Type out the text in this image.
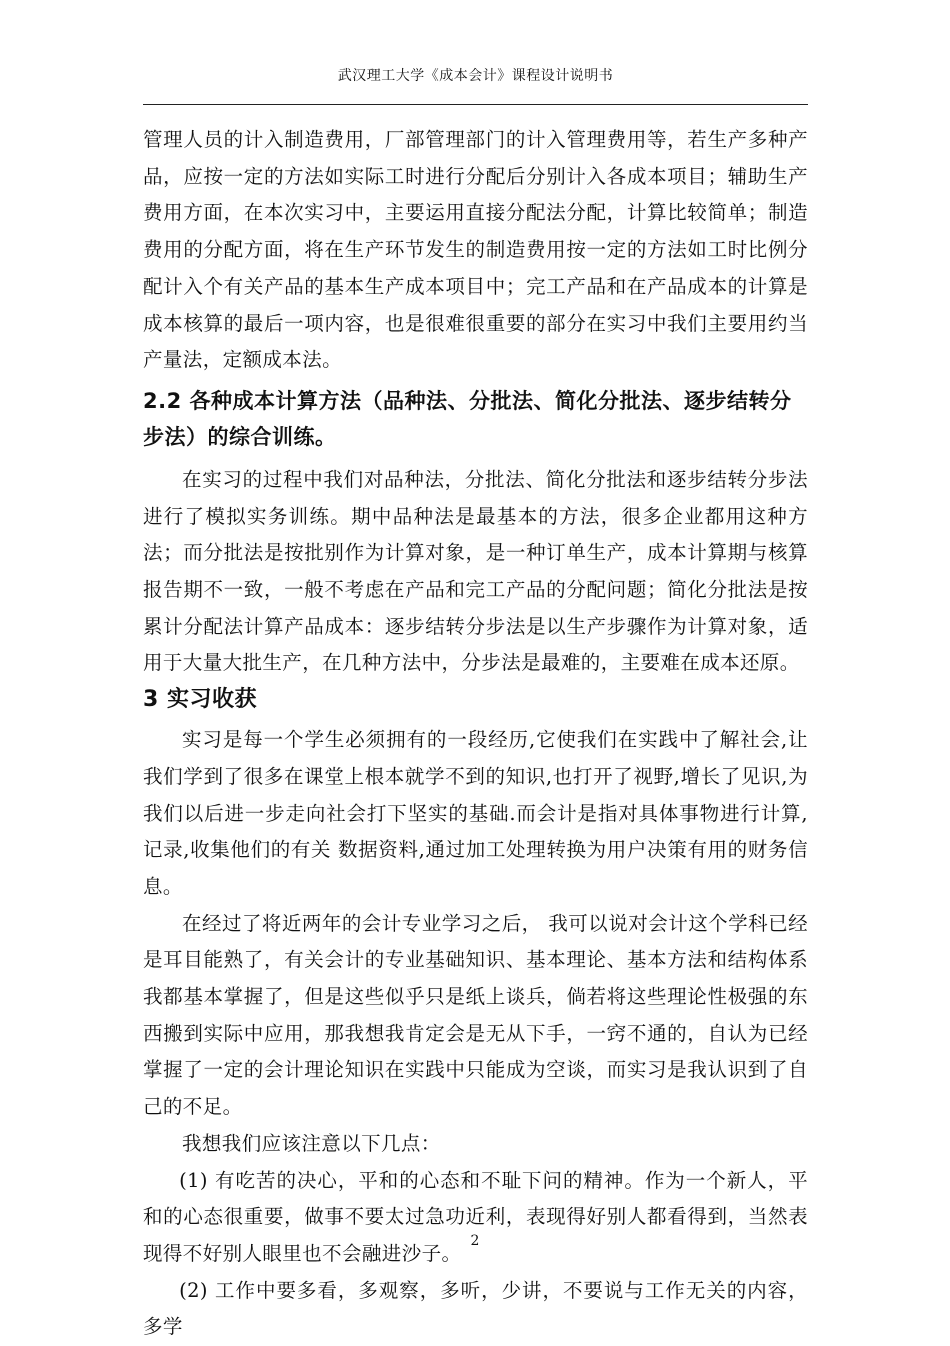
武汉理工大学《成本会计》课程设计说明书

管理人员的计入制造费用，厂部管理部门的计入管理费用等，若生产多种产品，应按一定的方法如实际工时进行分配后分别计入各成本项目；辅助生产费用方面，在本次实习中，主要运用直接分配法分配，计算比较简单；制造费用的分配方面，将在生产环节发生的制造费用按一定的方法如工时比例分配计入个有关产品的基本生产成本项目中；完工产品和在产品成本的计算是成本核算的最后一项内容，也是很难很重要的部分在实习中我们主要用约当产量法，定额成本法。

2.2 各种成本计算方法（品种法、分批法、简化分批法、逐步结转分步法）的综合训练。

在实习的过程中我们对品种法，分批法、简化分批法和逐步结转分步法进行了模拟实务训练。期中品种法是最基本的方法，很多企业都用这种方法；而分批法是按批别作为计算对象，是一种订单生产，成本计算期与核算报告期不一致，一般不考虑在产品和完工产品的分配问题；简化分批法是按累计分配法计算产品成本：逐步结转分步法是以生产步骤作为计算对象，适用于大量大批生产，在几种方法中，分步法是最难的，主要难在成本还原。

3 实习收获

实习是每一个学生必须拥有的一段经历,它使我们在实践中了解社会,让我们学到了很多在课堂上根本就学不到的知识,也打开了视野,增长了见识,为我们以后进一步走向社会打下坚实的基础.而会计是指对具体事物进行计算,记录,收集他们的有关 数据资料,通过加工处理转换为用户决策有用的财务信息。

在经过了将近两年的会计专业学习之后， 我可以说对会计这个学科已经是耳目能熟了，有关会计的专业基础知识、基本理论、基本方法和结构体系我都基本掌握了，但是这些似乎只是纸上谈兵，倘若将这些理论性极强的东西搬到实际中应用，那我想我肯定会是无从下手，一窍不通的，自认为已经掌握了一定的会计理论知识在实践中只能成为空谈，而实习是我认识到了自己的不足。

我想我们应该注意以下几点：

(1) 有吃苦的决心，平和的心态和不耻下问的精神。作为一个新人，平和的心态很重要，做事不要太过急功近利，表现得好别人都看得到，当然表现得不好别人眼里也不会融进沙子。

(2) 工作中要多看，多观察，多听，少讲，不要说与工作无关的内容，多学

2
